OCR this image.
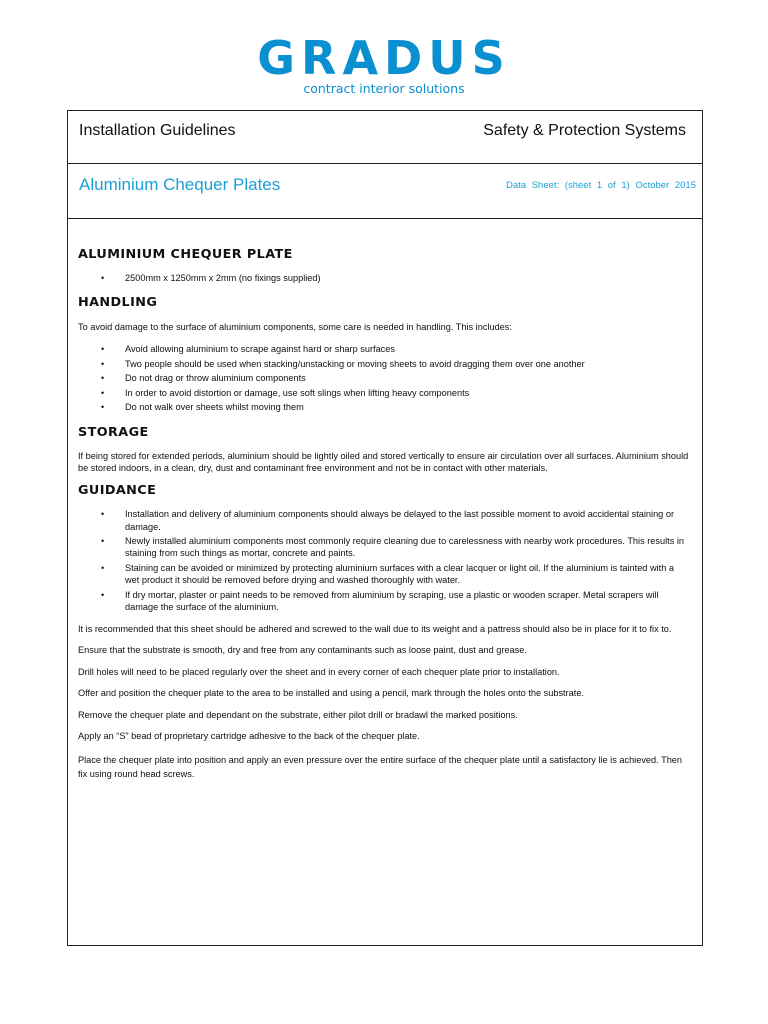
GRADUS
contract interior solutions
Installation Guidelines	Safety & Protection Systems
Aluminium Chequer Plates	Data Sheet: (sheet 1 of 1) October 2015
ALUMINIUM CHEQUER PLATE
• 2500mm x 1250mm x 2mm (no fixings supplied)
HANDLING

To avoid damage to the surface of aluminium components, some care is needed in handling. This includes:

• Avoid allowing aluminium to scrape against hard or sharp surfaces
• Two people should be used when stacking/unstacking or moving sheets to avoid dragging them over one another
• Do not drag or throw aluminium components
• In order to avoid distortion or damage, use soft slings when lifting heavy components
• Do not walk over sheets whilst moving them
STORAGE

If being stored for extended periods, aluminium should be lightly oiled and stored vertically to ensure air circulation over all surfaces. Aluminium should be stored indoors, in a clean, dry, dust and contaminant free environment and not be in contact with other materials.

GUIDANCE
• Installation and delivery of aluminium components should always be delayed to the last possible moment to avoid accidental staining or damage.
• Newly installed aluminium components most commonly require cleaning due to carelessness with nearby work procedures. This results in staining from such things as mortar, concrete and paints.
• Staining can be avoided or minimized by protecting aluminium surfaces with a clear lacquer or light oil. If the aluminium is tainted with a wet product it should be removed before drying and washed thoroughly with water.
• If dry mortar, plaster or paint needs to be removed from aluminium by scraping, use a plastic or wooden scraper. Metal scrapers will damage the surface of the aluminium.

It is recommended that this sheet should be adhered and screwed to the wall due to its weight and a pattress should also be in place for it to fix to.

Ensure that the substrate is smooth, dry and free from any contaminants such as loose paint, dust and grease.

Drill holes will need to be placed regularly over the sheet and in every corner of each chequer plate prior to installation.

Offer and position the chequer plate to the area to be installed and using a pencil, mark through the holes onto the substrate.

Remove the chequer plate and dependant on the substrate, either pilot drill or bradawl the marked positions.

Apply an “S” bead of proprietary cartridge adhesive to the back of the chequer plate.

Place the chequer plate into position and apply an even pressure over the entire surface of the chequer plate until a satisfactory lie is achieved. Then fix using round head screws.
